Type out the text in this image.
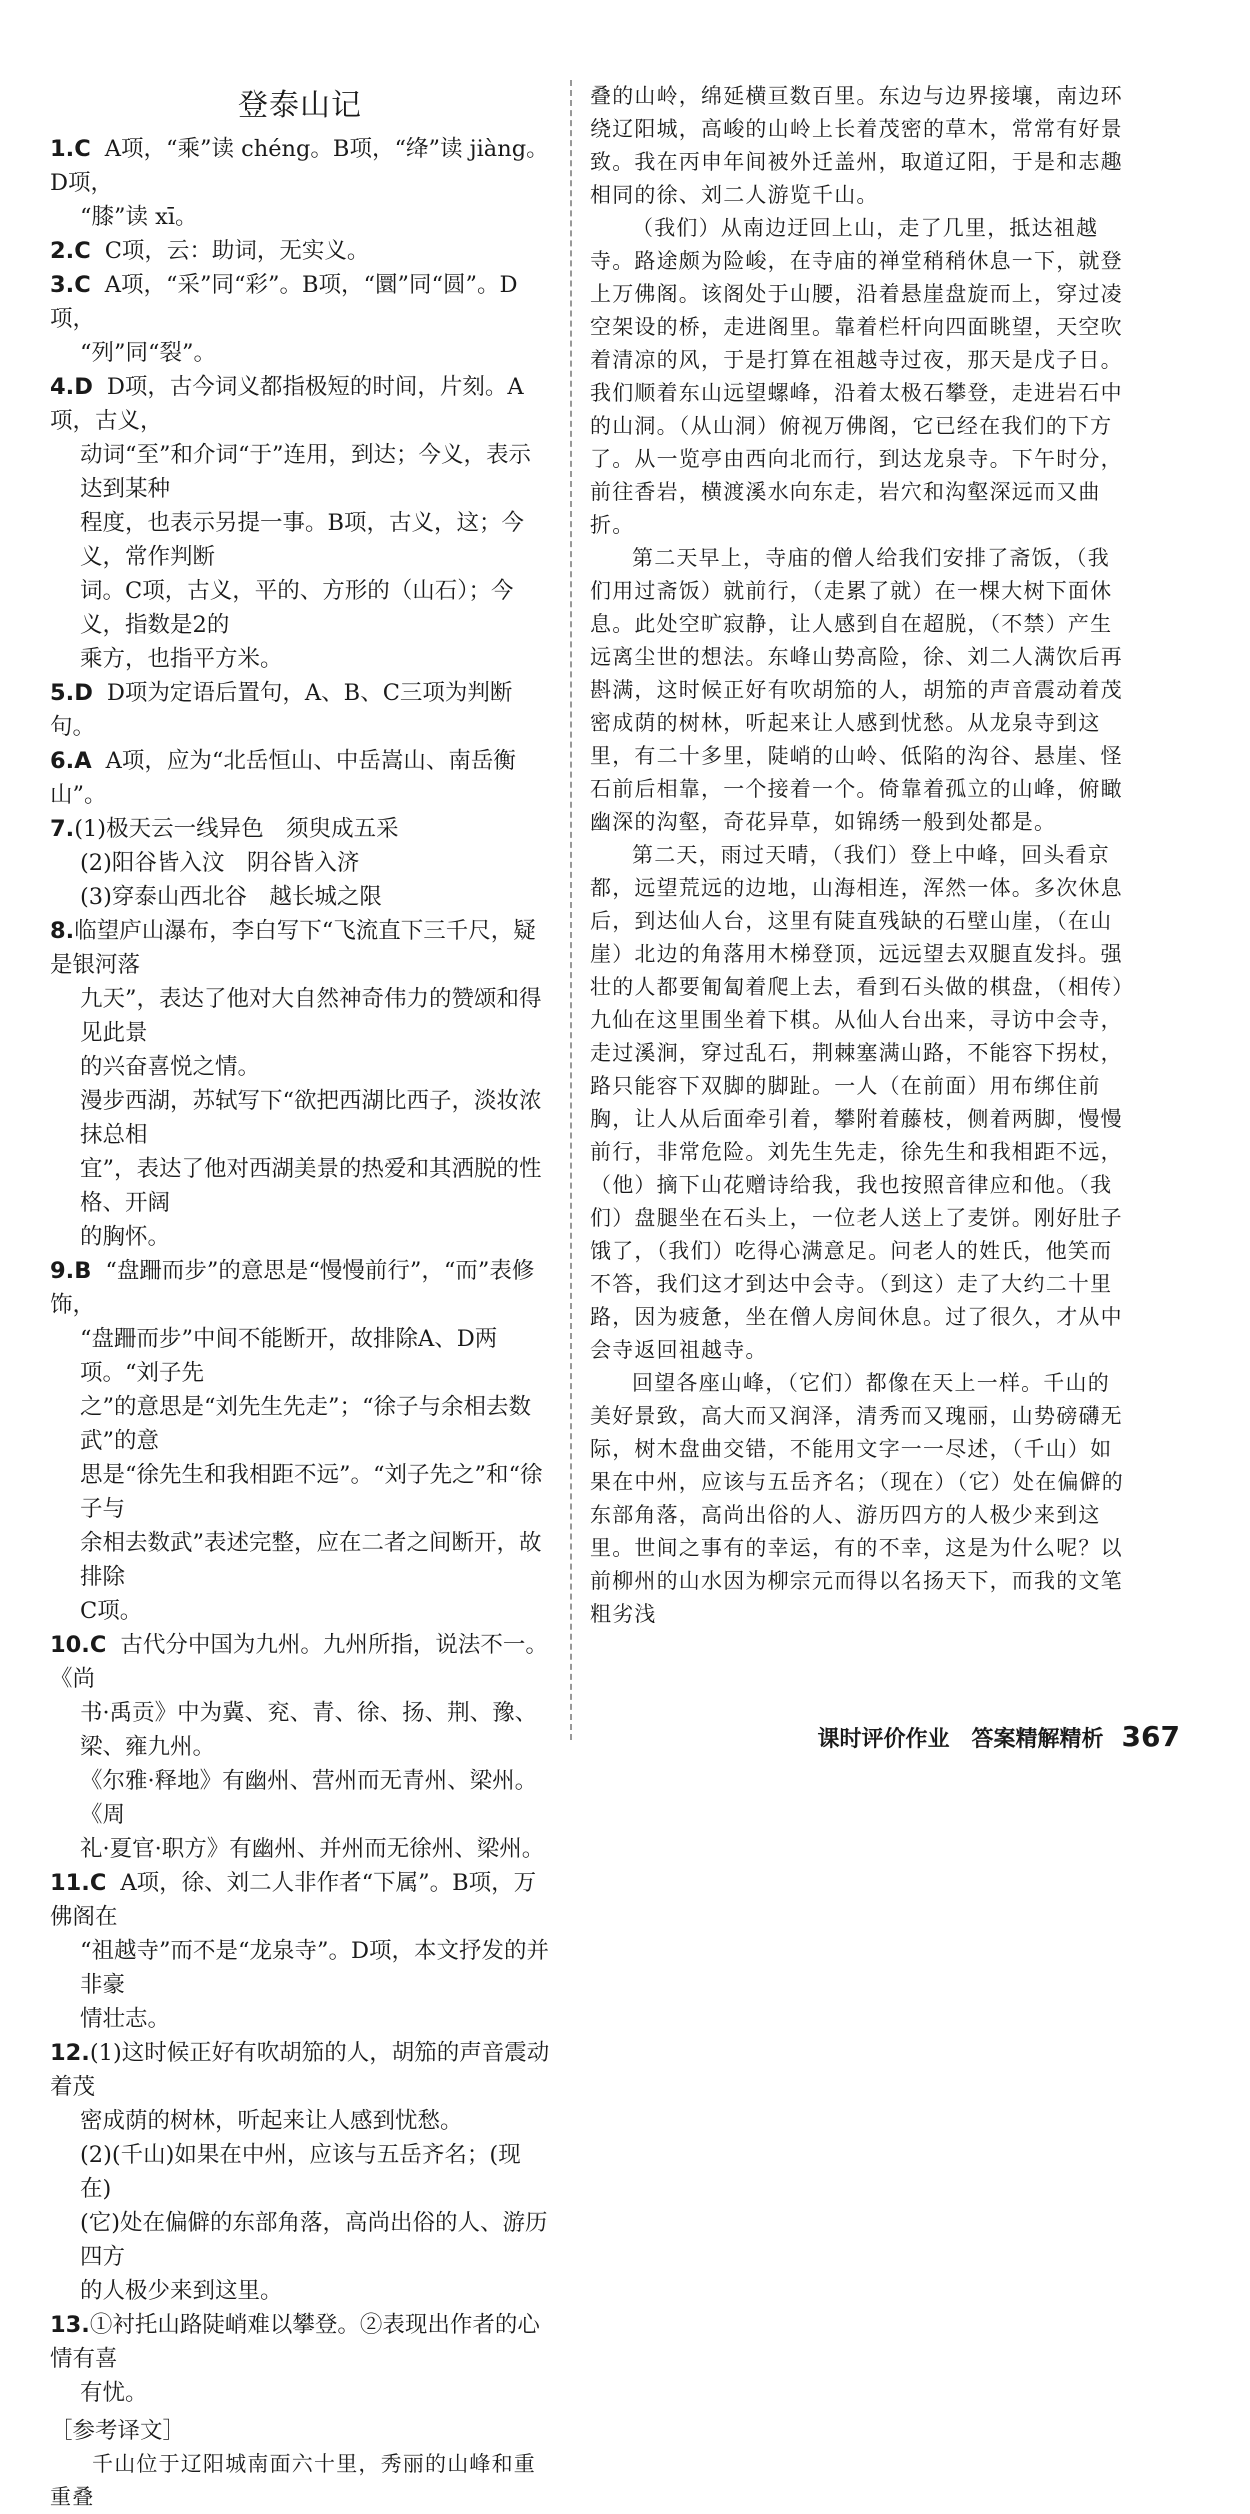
登泰山记

1.C A项，“乘”读 chéng。B项，“绛”读 jiàng。D项，

“膝”读 xī。

2.C C项，云：助词，无实义。

3.C A项，“采”同“彩”。B项，“圜”同“圆”。D项，

“列”同“裂”。

4.D D项，古今词义都指极短的时间，片刻。A项，古义，

动词“至”和介词“于”连用，到达；今义，表示达到某种

程度，也表示另提一事。B项，古义，这；今义，常作判断

词。C项，古义，平的、方形的（山石）；今义，指数是2的

乘方，也指平方米。

5.D D项为定语后置句，A、B、C三项为判断句。

6.A A项，应为“北岳恒山、中岳嵩山、南岳衡山”。

7.(1)极天云一线异色　须臾成五采

(2)阳谷皆入汶　阴谷皆入济

(3)穿泰山西北谷　越长城之限

8.临望庐山瀑布，李白写下“飞流直下三千尺，疑是银河落

九天”，表达了他对大自然神奇伟力的赞颂和得见此景

的兴奋喜悦之情。

漫步西湖，苏轼写下“欲把西湖比西子，淡妆浓抹总相

宜”，表达了他对西湖美景的热爱和其洒脱的性格、开阔

的胸怀。

9.B “盘跚而步”的意思是“慢慢前行”，“而”表修饰，

“盘跚而步”中间不能断开，故排除A、D两项。“刘子先

之”的意思是“刘先生先走”；“徐子与余相去数武”的意

思是“徐先生和我相距不远”。“刘子先之”和“徐子与

余相去数武”表述完整，应在二者之间断开，故排除

C项。

10.C 古代分中国为九州。九州所指，说法不一。《尚

书·禹贡》中为冀、兖、青、徐、扬、荆、豫、梁、雍九州。

《尔雅·释地》有幽州、营州而无青州、梁州。《周

礼·夏官·职方》有幽州、并州而无徐州、梁州。

11.C A项，徐、刘二人非作者“下属”。B项，万佛阁在

“祖越寺”而不是“龙泉寺”。D项，本文抒发的并非豪

情壮志。

12.(1)这时候正好有吹胡笳的人，胡笳的声音震动着茂

密成荫的树林，听起来让人感到忧愁。

(2)(千山)如果在中州，应该与五岳齐名；(现在)

(它)处在偏僻的东部角落，高尚出俗的人、游历四方

的人极少来到这里。

13.①衬托山路陡峭难以攀登。②表现出作者的心情有喜

有忧。

［参考译文］

千山位于辽阳城南面六十里，秀丽的山峰和重重叠

叠的山岭，绵延横亘数百里。东边与边界接壤，南边环绕辽阳城，高峻的山岭上长着茂密的草木，常常有好景致。我在丙申年间被外迁盖州，取道辽阳，于是和志趣相同的徐、刘二人游览千山。

（我们）从南边迂回上山，走了几里，抵达祖越寺。路途颇为险峻，在寺庙的禅堂稍稍休息一下，就登上万佛阁。该阁处于山腰，沿着悬崖盘旋而上，穿过凌空架设的桥，走进阁里。靠着栏杆向四面眺望，天空吹着清凉的风，于是打算在祖越寺过夜，那天是戊子日。我们顺着东山远望螺峰，沿着太极石攀登，走进岩石中的山洞。（从山洞）俯视万佛阁，它已经在我们的下方了。从一览亭由西向北而行，到达龙泉寺。下午时分，前往香岩，横渡溪水向东走，岩穴和沟壑深远而又曲折。

第二天早上，寺庙的僧人给我们安排了斋饭，（我们用过斋饭）就前行，（走累了就）在一棵大树下面休息。此处空旷寂静，让人感到自在超脱，（不禁）产生远离尘世的想法。东峰山势高险，徐、刘二人满饮后再斟满，这时候正好有吹胡笳的人，胡笳的声音震动着茂密成荫的树林，听起来让人感到忧愁。从龙泉寺到这里，有二十多里，陡峭的山岭、低陷的沟谷、悬崖、怪石前后相靠，一个接着一个。倚靠着孤立的山峰，俯瞰幽深的沟壑，奇花异草，如锦绣一般到处都是。

第二天，雨过天晴，（我们）登上中峰，回头看京都，远望荒远的边地，山海相连，浑然一体。多次休息后，到达仙人台，这里有陡直残缺的石壁山崖，（在山崖）北边的角落用木梯登顶，远远望去双腿直发抖。强壮的人都要匍匐着爬上去，看到石头做的棋盘，（相传）九仙在这里围坐着下棋。从仙人台出来，寻访中会寺，走过溪涧，穿过乱石，荆棘塞满山路，不能容下拐杖，路只能容下双脚的脚趾。一人（在前面）用布绑住前胸，让人从后面牵引着，攀附着藤枝，侧着两脚，慢慢前行，非常危险。刘先生先走，徐先生和我相距不远，（他）摘下山花赠诗给我，我也按照音律应和他。（我们）盘腿坐在石头上，一位老人送上了麦饼。刚好肚子饿了，（我们）吃得心满意足。问老人的姓氏，他笑而不答，我们这才到达中会寺。（到这）走了大约二十里路，因为疲惫，坐在僧人房间休息。过了很久，才从中会寺返回祖越寺。

回望各座山峰，（它们）都像在天上一样。千山的美好景致，高大而又润泽，清秀而又瑰丽，山势磅礴无际，树木盘曲交错，不能用文字一一尽述，（千山）如果在中州，应该与五岳齐名；（现在）（它）处在偏僻的东部角落，高尚出俗的人、游历四方的人极少来到这里。世间之事有的幸运，有的不幸，这是为什么呢？以前柳州的山水因为柳宗元而得以名扬天下，而我的文笔粗劣浅

课时评价作业　答案精解精析 367
